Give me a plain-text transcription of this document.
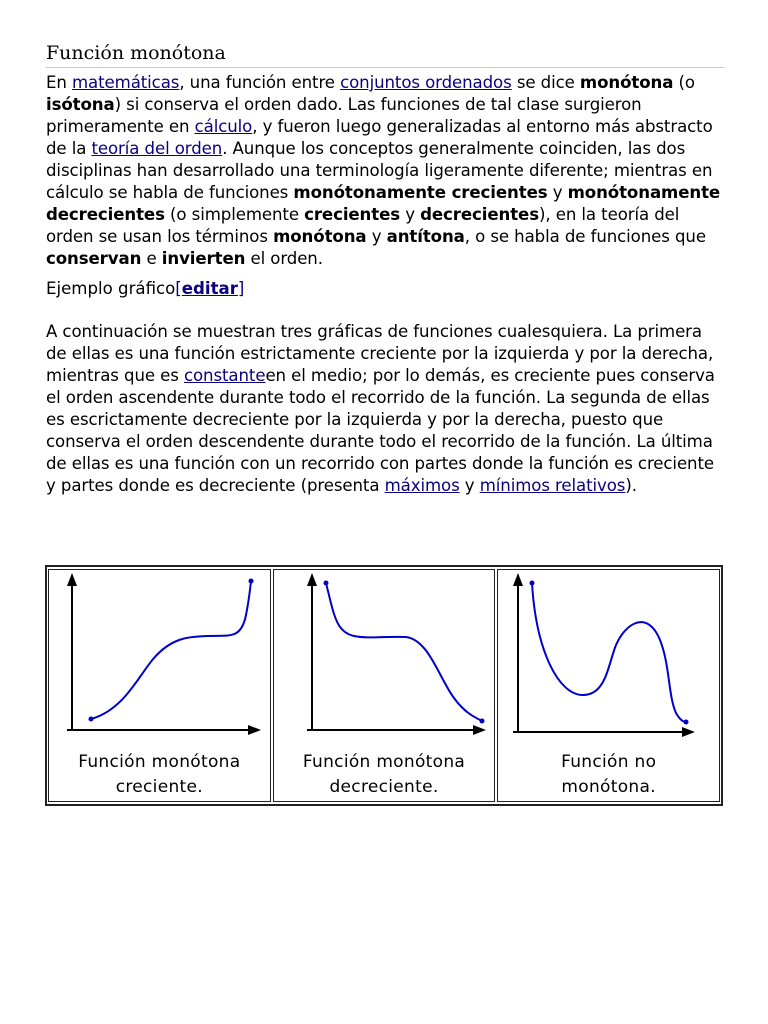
Función monótona

En matemáticas, una función entre conjuntos ordenados se dice monótona (o isótona) si conserva el orden dado. Las funciones de tal clase surgieron primeramente en cálculo, y fueron luego generalizadas al entorno más abstracto de la teoría del orden. Aunque los conceptos generalmente coinciden, las dos disciplinas han desarrollado una terminología ligeramente diferente; mientras en cálculo se habla de funciones monótonamente crecientes y monótonamente decrecientes (o simplemente crecientes y decrecientes), en la teoría del orden se usan los términos monótona y antítona, o se habla de funciones que conservan e invierten el orden.

Ejemplo gráfico[editar]

A continuación se muestran tres gráficas de funciones cualesquiera. La primera de ellas es una función estrictamente creciente por la izquierda y por la derecha, mientras que es constanteen el medio; por lo demás, es creciente pues conserva el orden ascendente durante todo el recorrido de la función. La segunda de ellas es escrictamente decreciente por la izquierda y por la derecha, puesto que conserva el orden descendente durante todo el recorrido de la función. La última de ellas es una función con un recorrido con partes donde la función es creciente y partes donde es decreciente (presenta máximos y mínimos relativos).

Función monótona
creciente.
Función monótona
decreciente.
Función no
monótona.
